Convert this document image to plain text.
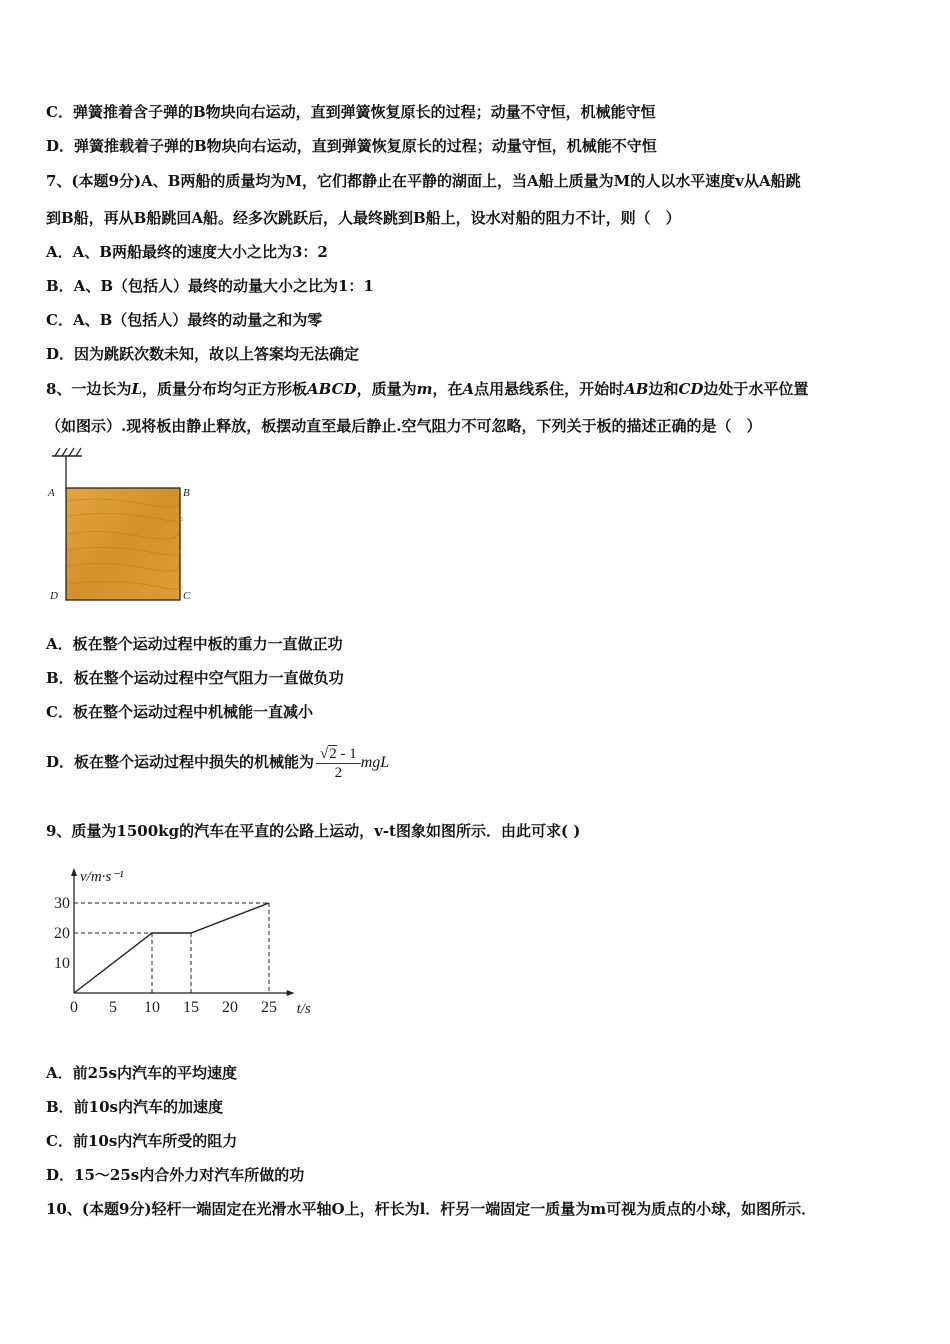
C．弹簧推着含子弹的B物块向右运动，直到弹簧恢复原长的过程；动量不守恒，机械能守恒
D．弹簧推载着子弹的B物块向右运动，直到弹簧恢复原长的过程；动量守恒，机械能不守恒
7、(本题9分)A、B两船的质量均为M，它们都静止在平静的湖面上，当A船上质量为M的人以水平速度v从A船跳
到B船，再从B船跳回A船。经多次跳跃后，人最终跳到B船上，设水对船的阻力不计，则（　）
A．A、B两船最终的速度大小之比为3：2
B．A、B（包括人）最终的动量大小之比为1：1
C．A、B（包括人）最终的动量之和为零
D．因为跳跃次数未知，故以上答案均无法确定
8、一边长为L，质量分布均匀正方形板ABCD，质量为m，在A点用悬线系住，开始时AB边和CD边处于水平位置
（如图示）.现将板由静止释放，板摆动直至最后静止.空气阻力不可忽略，下列关于板的描述正确的是（　）
A	B
C
D
A．板在整个运动过程中板的重力一直做正功
B．板在整个运动过程中空气阻力一直做负功
C．板在整个运动过程中机械能一直减小
D．板在整个运动过程中损失的机械能为 $\frac{√2 - 1}{2}$ mgL
9、质量为1500kg的汽车在平直的公路上运动，v-t图象如图所示．由此可求( )
v/m·s⁻¹
t/s
0 5 10 15 20 25
10
20
30
A．前25s内汽车的平均速度
B．前10s内汽车的加速度
C．前10s内汽车所受的阻力
D．15～25s内合外力对汽车所做的功
10、(本题9分)轻杆一端固定在光滑水平轴O上，杆长为l．杆另一端固定一质量为m可视为质点的小球，如图所示．
